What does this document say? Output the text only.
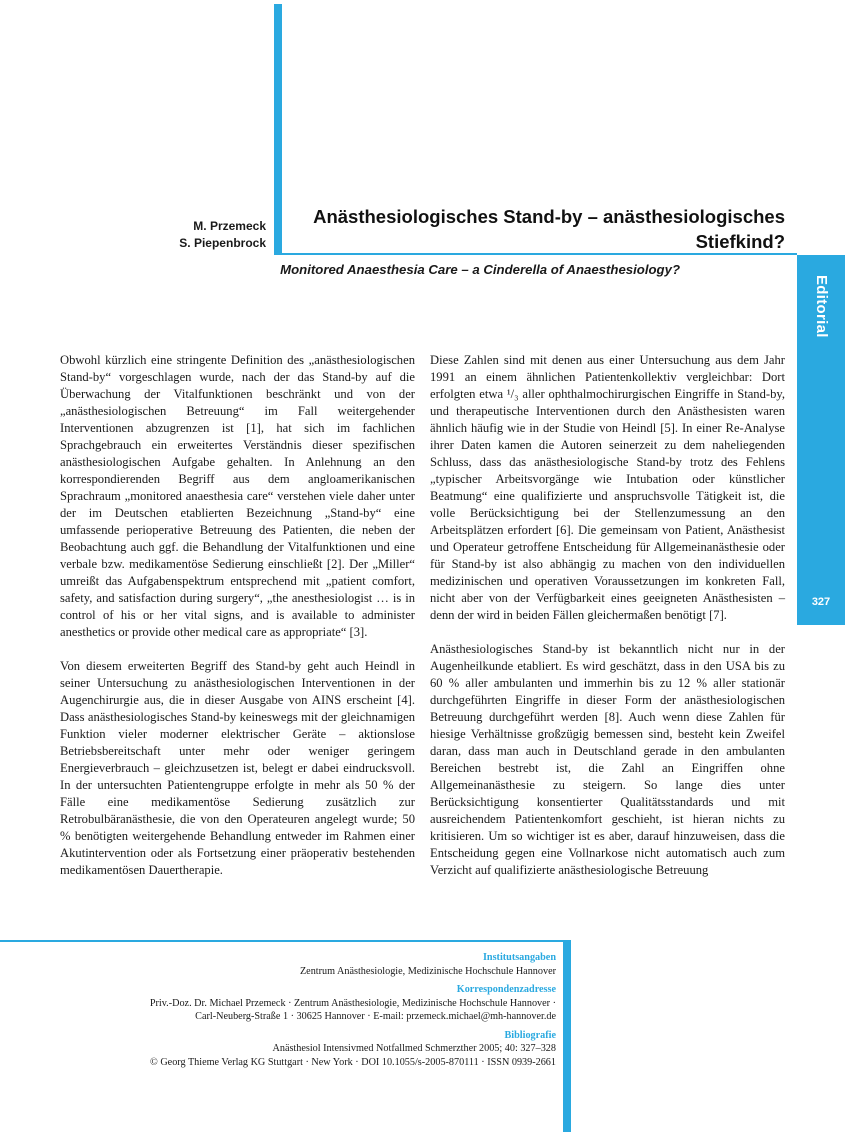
Editorial
327
M. Przemeck
S. Piepenbrock
Anästhesiologisches Stand-by – anästhesiologisches Stiefkind?
Monitored Anaesthesia Care – a Cinderella of Anaesthesiology?

Obwohl kürzlich eine stringente Definition des „anästhesiologischen Stand-by“ vorgeschlagen wurde, nach der das Stand-by auf die Überwachung der Vitalfunktionen beschränkt und von der „anästhesiologischen Betreuung“ im Fall weitergehender Interventionen abzugrenzen ist [1], hat sich im fachlichen Sprachgebrauch ein erweitertes Verständnis dieser spezifischen anästhesiologischen Aufgabe gehalten. In Anlehnung an den korrespondierenden Begriff aus dem angloamerikanischen Sprachraum „monitored anaesthesia care“ verstehen viele daher unter der im Deutschen etablierten Bezeichnung „Stand-by“ eine umfassende perioperative Betreuung des Patienten, die neben der Beobachtung auch ggf. die Behandlung der Vitalfunktionen und eine verbale bzw. medikamentöse Sedierung einschließt [2]. Der „Miller“ umreißt das Aufgabenspektrum entsprechend mit „patient comfort, safety, and satisfaction during surgery“, „the anesthesiologist … is in control of his or her vital signs, and is available to administer anesthetics or provide other medical care as appropriate“ [3].

Von diesem erweiterten Begriff des Stand-by geht auch Heindl in seiner Untersuchung zu anästhesiologischen Interventionen in der Augenchirurgie aus, die in dieser Ausgabe von AINS erscheint [4]. Dass anästhesiologisches Stand-by keineswegs mit der gleichnamigen Funktion vieler moderner elektrischer Geräte – aktionslose Betriebsbereitschaft unter mehr oder weniger geringem Energieverbrauch – gleichzusetzen ist, belegt er dabei eindrucksvoll. In der untersuchten Patientengruppe erfolgte in mehr als 50 % der Fälle eine medikamentöse Sedierung zusätzlich zur Retrobulbäranästhesie, die von den Operateuren angelegt wurde; 50 % benötigten weitergehende Behandlung entweder im Rahmen einer Akutintervention oder als Fortsetzung einer präoperativ bestehenden medikamentösen Dauertherapie.

Diese Zahlen sind mit denen aus einer Untersuchung aus dem Jahr 1991 an einem ähnlichen Patientenkollektiv vergleichbar: Dort erfolgten etwa ¹/₃ aller ophthalmochirurgischen Eingriffe in Stand-by, und therapeutische Interventionen durch den Anästhesisten waren ähnlich häufig wie in der Studie von Heindl [5]. In einer Re-Analyse ihrer Daten kamen die Autoren seinerzeit zu dem naheliegenden Schluss, dass das anästhesiologische Stand-by trotz des Fehlens „typischer Arbeitsvorgänge wie Intubation oder künstlicher Beatmung“ eine qualifizierte und anspruchsvolle Tätigkeit ist, die volle Berücksichtigung bei der Stellenzumessung an den Arbeitsplätzen erfordert [6]. Die gemeinsam von Patient, Anästhesist und Operateur getroffene Entscheidung für Allgemeinanästhesie oder für Stand-by ist also abhängig zu machen von den individuellen medizinischen und operativen Voraussetzungen im konkreten Fall, nicht aber von der Verfügbarkeit eines geeigneten Anästhesisten – denn der wird in beiden Fällen gleichermaßen benötigt [7].

Anästhesiologisches Stand-by ist bekanntlich nicht nur in der Augenheilkunde etabliert. Es wird geschätzt, dass in den USA bis zu 60 % aller ambulanten und immerhin bis zu 12 % aller stationär durchgeführten Eingriffe in dieser Form der anästhesiologischen Betreuung durchgeführt werden [8]. Auch wenn diese Zahlen für hiesige Verhältnisse großzügig bemessen sind, besteht kein Zweifel daran, dass man auch in Deutschland gerade in den ambulanten Bereichen bestrebt ist, die Zahl an Eingriffen ohne Allgemeinanästhesie zu steigern. So lange dies unter Berücksichtigung konsentierter Qualitätsstandards und mit ausreichendem Patientenkomfort geschieht, ist hieran nichts zu kritisieren. Um so wichtiger ist es aber, darauf hinzuweisen, dass die Entscheidung gegen eine Vollnarkose nicht automatisch auch zum Verzicht auf qualifizierte anästhesiologische Betreuung

Institutsangaben
Zentrum Anästhesiologie, Medizinische Hochschule Hannover
Korrespondenzadresse
Priv.-Doz. Dr. Michael Przemeck · Zentrum Anästhesiologie, Medizinische Hochschule Hannover ·
Carl-Neuberg-Straße 1 · 30625 Hannover · E-mail: przemeck.michael@mh-hannover.de
Bibliografie
Anästhesiol Intensivmed Notfallmed Schmerzther 2005; 40: 327–328
© Georg Thieme Verlag KG Stuttgart · New York · DOI 10.1055/s-2005-870111 · ISSN 0939-2661
